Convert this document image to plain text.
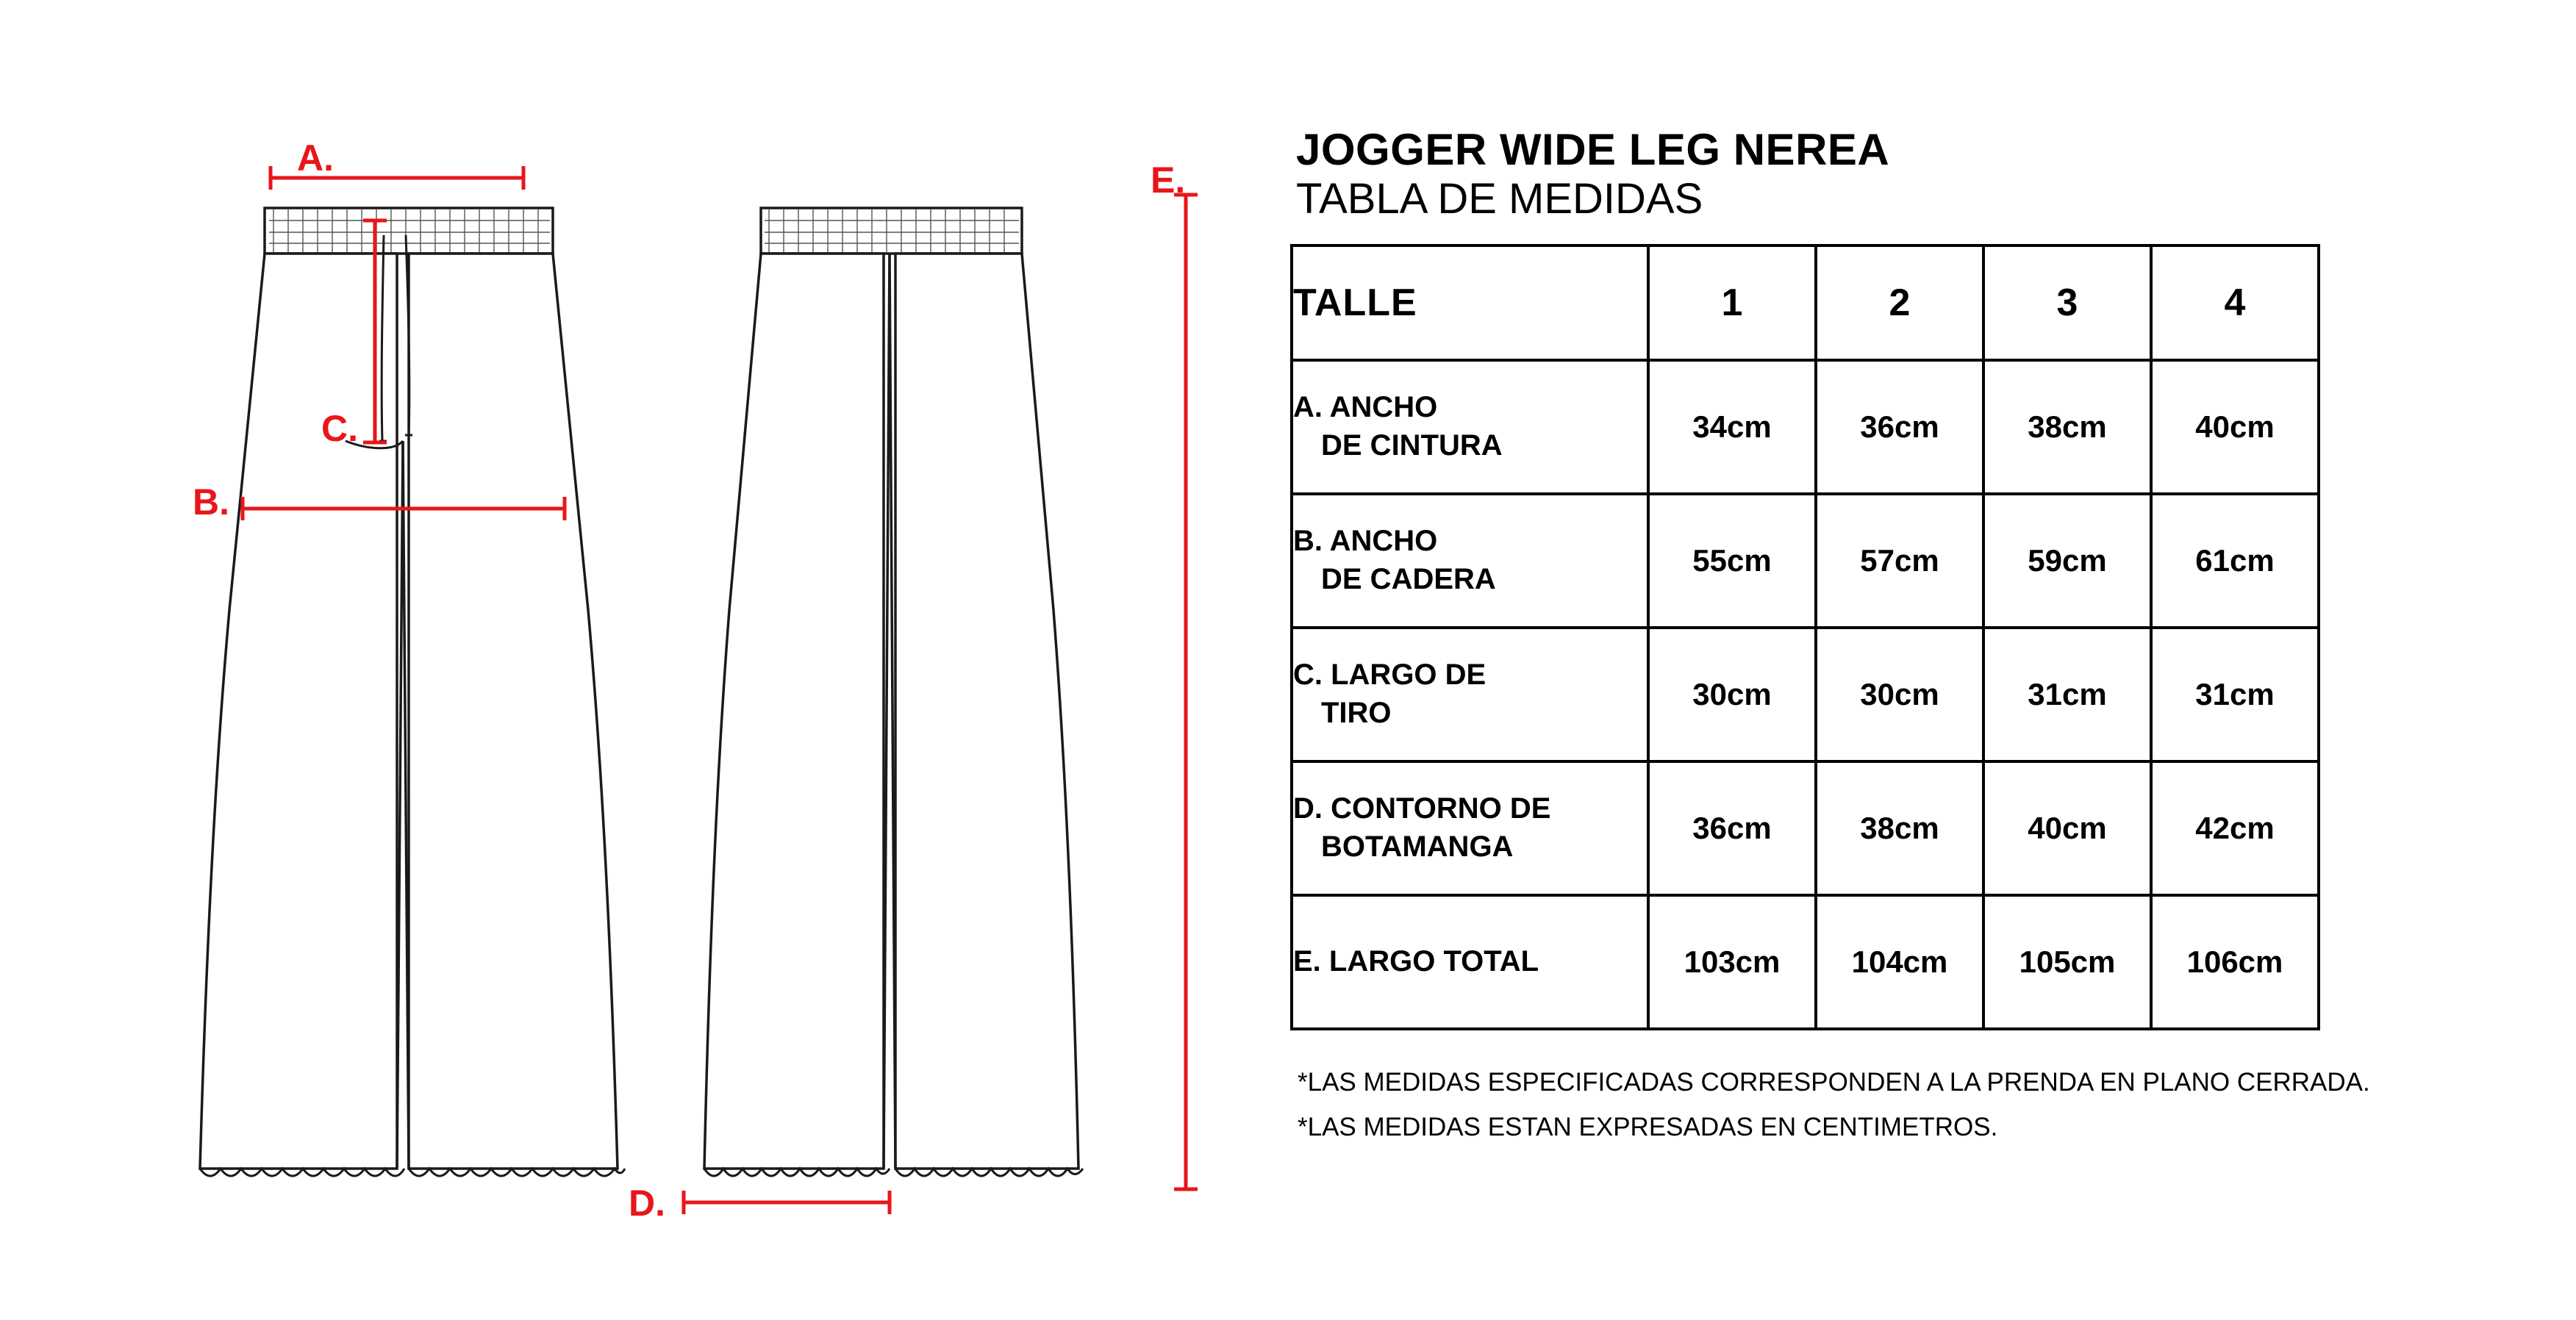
A.
B.
C.
D.
E.
JOGGER WIDE LEG NEREA
TABLA DE MEDIDAS
TALLE	1	2	3	4

A. ANCHO
DE CINTURA	34cm	36cm	38cm	40cm

B. ANCHO
DE CADERA	55cm	57cm	59cm	61cm

C. LARGO DE
TIRO	30cm	30cm	31cm	31cm

D. CONTORNO DE
BOTAMANGA	36cm	38cm	40cm	42cm

E. LARGO TOTAL	103cm	104cm	105cm	106cm
*LAS MEDIDAS ESPECIFICADAS CORRESPONDEN A LA PRENDA EN PLANO CERRADA.
*LAS MEDIDAS ESTAN EXPRESADAS EN CENTIMETROS.
